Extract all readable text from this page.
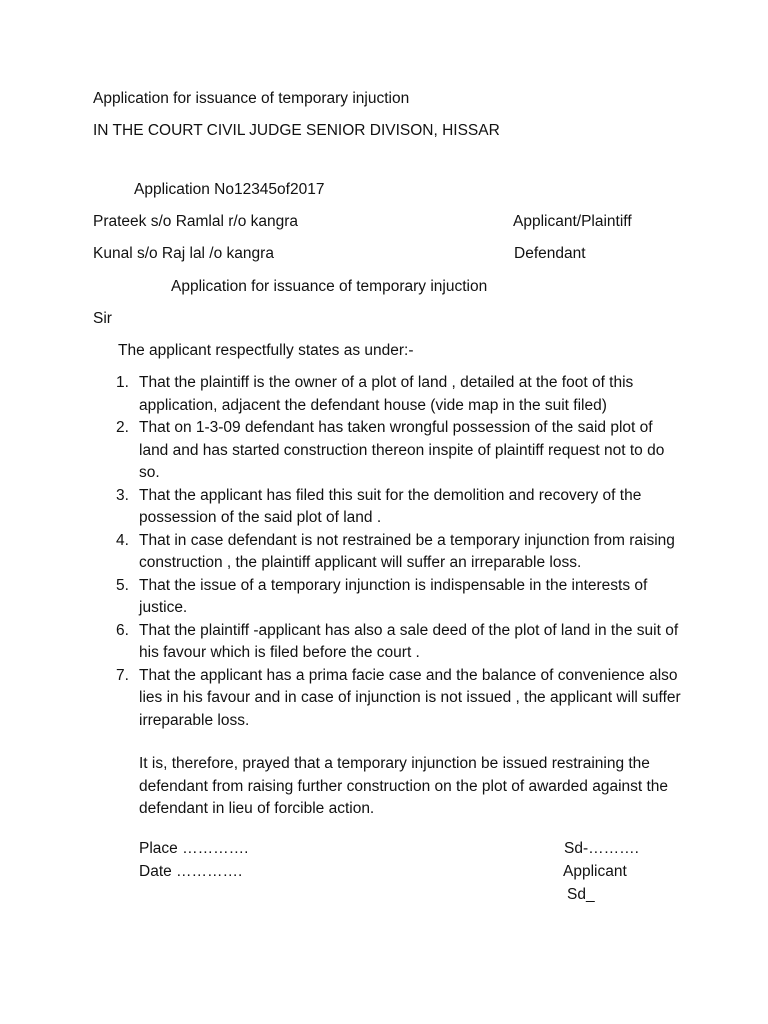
Application for issuance of temporary injuction
IN THE COURT CIVIL JUDGE SENIOR DIVISON, HISSAR
Application No12345of2017
Prateek s/o Ramlal r/o kangra	Applicant/Plaintiff
Kunal s/o Raj lal /o kangra	Defendant
Application for issuance of temporary injuction
Sir
The applicant respectfully states as under:-
1. That the plaintiff is the owner of a plot of land , detailed at the foot of this application, adjacent the defendant house (vide map in the suit filed)
2. That on 1-3-09 defendant has taken wrongful possession of the said plot of land and has started construction thereon inspite of plaintiff request not to do so.
3. That the applicant has filed this suit for the demolition and recovery of the possession of the said plot of land .
4. That in case defendant is not restrained be a temporary injunction from raising construction , the plaintiff applicant will suffer an irreparable loss.
5. That the issue of a temporary injunction is indispensable in the interests of justice.
6. That the plaintiff -applicant has also a sale deed of the plot of land in the suit of his favour which is filed before the court .
7. That the applicant has a prima facie case and the balance of convenience also lies in his favour and in case of injunction is not issued , the applicant will suffer irreparable loss.
It is, therefore, prayed that a temporary injunction be issued restraining the defendant from raising further construction on the plot of awarded against the defendant in lieu of forcible action.
Place ………….
Date ………….
Sd-……….
Applicant
Sd_
